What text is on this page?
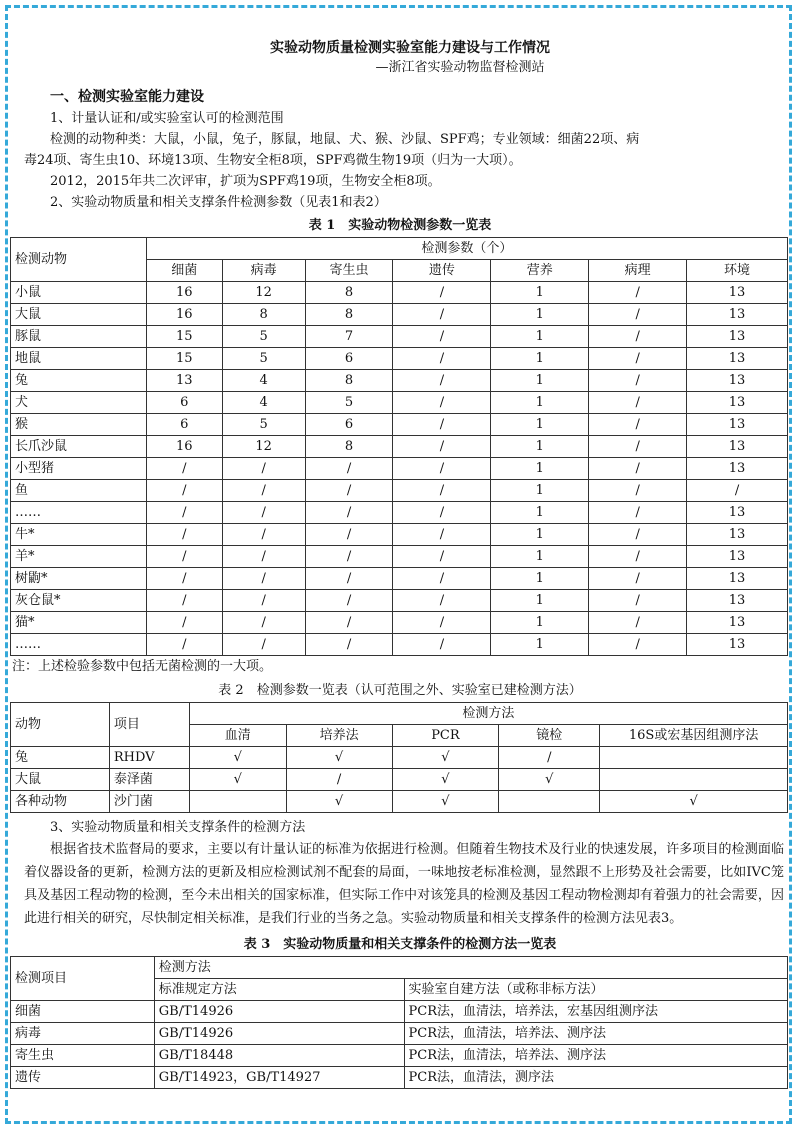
实验动物质量检测实验室能力建设与工作情况
—浙江省实验动物监督检测站
一、检测实验室能力建设

1、计量认证和/或实验室认可的检测范围

检测的动物种类：大鼠，小鼠，兔子，豚鼠，地鼠、犬、猴、沙鼠、SPF鸡；专业领域：细菌22项、病

毒24项、寄生虫10、环境13项、生物安全柜8项，SPF鸡微生物19项（归为一大项）。

2012，2015年共二次评审，扩项为SPF鸡19项，生物安全柜8项。

2、实验动物质量和相关支撑条件检测参数（见表1和表2）

表 1　实验动物检测参数一览表
检测动物	检测参数（个）						
	细菌	病毒	寄生虫	遗传	营养	病理	环境
小鼠	16	12	8	/	1	/	13
大鼠	16	8	8	/	1	/	13
豚鼠	15	5	7	/	1	/	13
地鼠	15	5	6	/	1	/	13
兔	13	4	8	/	1	/	13
犬	6	4	5	/	1	/	13
猴	6	5	6	/	1	/	13
长爪沙鼠	16	12	8	/	1	/	13
小型猪	/	/	/	/	1	/	13
鱼	/	/	/	/	1	/	/
……	/	/	/	/	1	/	13
牛*	/	/	/	/	1	/	13
羊*	/	/	/	/	1	/	13
树鼩*	/	/	/	/	1	/	13
灰仓鼠*	/	/	/	/	1	/	13
猫*	/	/	/	/	1	/	13
……	/	/	/	/	1	/	13
注：上述检验参数中包括无菌检测的一大项。
表 2　检测参数一览表（认可范围之外、实验室已建检测方法）
动物	项目	检测方法				
		血清	培养法	PCR	镜检	16S或宏基因组测序法
兔	RHDV	√	√	√	/	
大鼠	泰泽菌	√	/	√	√	
各种动物	沙门菌		√	√		√

3、实验动物质量和相关支撑条件的检测方法

根据省技术监督局的要求，主要以有计量认证的标准为依据进行检测。但随着生物技术及行业的快速发展，许多项目的检测面临着仪器设备的更新，检测方法的更新及相应检测试剂不配套的局面，一味地按老标准检测，显然跟不上形势及社会需要，比如IVC笼具及基因工程动物的检测，至今未出相关的国家标准，但实际工作中对该笼具的检测及基因工程动物检测却有着强力的社会需要，因此进行相关的研究，尽快制定相关标准，是我们行业的当务之急。实验动物质量和相关支撑条件的检测方法见表3。

表 3　实验动物质量和相关支撑条件的检测方法一览表
检测项目	检测方法	
	标准规定方法	实验室自建方法（或称非标方法）
细菌	GB/T14926	PCR法，血清法，培养法，宏基因组测序法
病毒	GB/T14926	PCR法，血清法，培养法、测序法
寄生虫	GB/T18448	PCR法，血清法，培养法、测序法
遗传	GB/T14923，GB/T14927	PCR法，血清法，测序法
